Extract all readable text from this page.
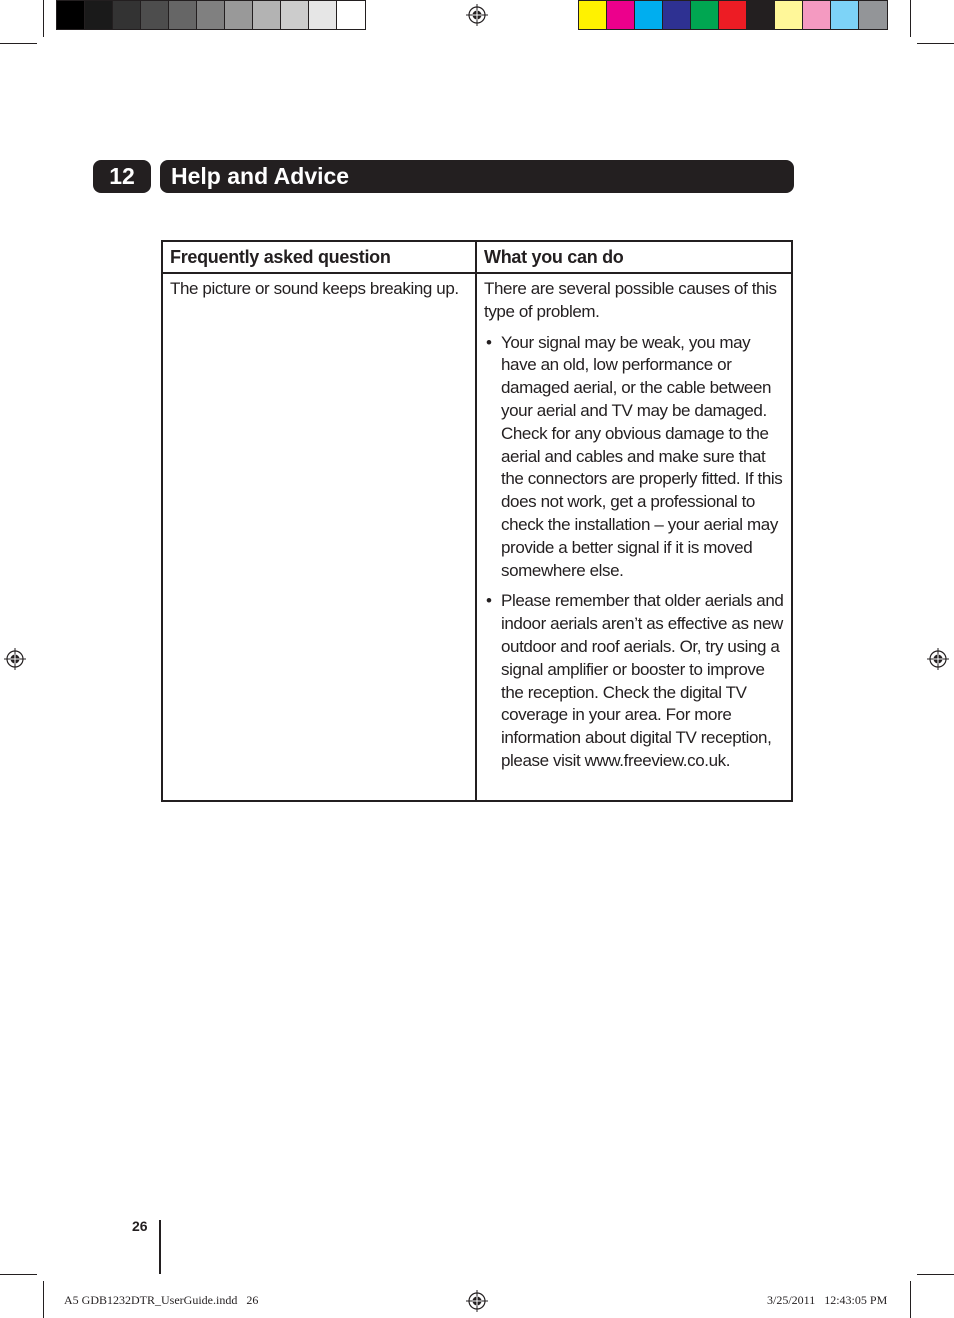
12	Help and Advice
Frequently asked question	What you can do
The picture or sound keeps breaking up.	There are several possible causes of this type of problem.

• Your signal may be weak, you may have an old, low performance or damaged aerial, or the cable between your aerial and TV may be damaged. Check for any obvious damage to the aerial and cables and make sure that the connectors are properly fitted. If this does not work, get a professional to check the installation – your aerial may provide a better signal if it is moved somewhere else.
• Please remember that older aerials and indoor aerials aren’t as effective as new outdoor and roof aerials. Or, try using a signal amplifier or booster to improve the reception. Check the digital TV coverage in your area. For more information about digital TV reception, please visit www.freeview.co.uk.
26
A5 GDB1232DTR_UserGuide.indd   26	3/25/2011   12:43:05 PM
